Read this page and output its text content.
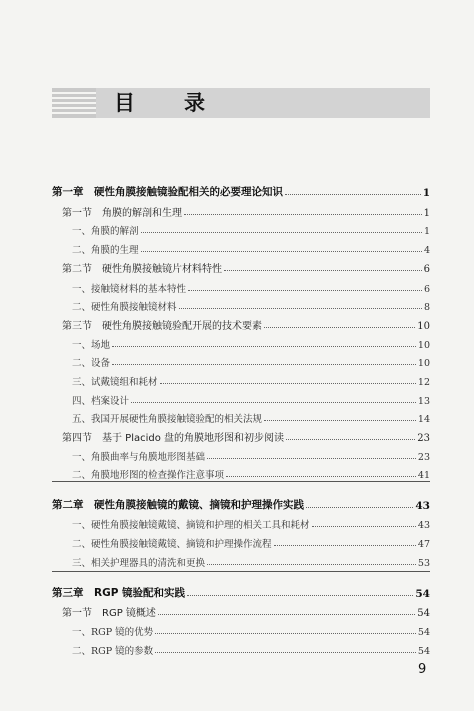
目　录
第一章　硬性角膜接触镜验配相关的必要理论知识	1
第一节　角膜的解剖和生理	1
一、角膜的解剖	1
二、角膜的生理	4
第二节　硬性角膜接触镜片材料特性	6
一、接触镜材料的基本特性	6
二、硬性角膜接触镜材料	8
第三节　硬性角膜接触镜验配开展的技术要素	10
一、场地	10
二、设备	10
三、试戴镜组和耗材	12
四、档案设计	13
五、我国开展硬性角膜接触镜验配的相关法规	14
第四节　基于 Placido 盘的角膜地形图和初步阅读	23
一、角膜曲率与角膜地形图基础	23
二、角膜地形图的检查操作注意事项	41
第二章　硬性角膜接触镜的戴镜、摘镜和护理操作实践	43
一、硬性角膜接触镜戴镜、摘镜和护理的相关工具和耗材	43
二、硬性角膜接触镜戴镜、摘镜和护理操作流程	47
三、相关护理器具的清洗和更换	53
第三章　RGP 镜验配和实践	54
第一节　RGP 镜概述	54
一、RGP 镜的优势	54
二、RGP 镜的参数	54
9
